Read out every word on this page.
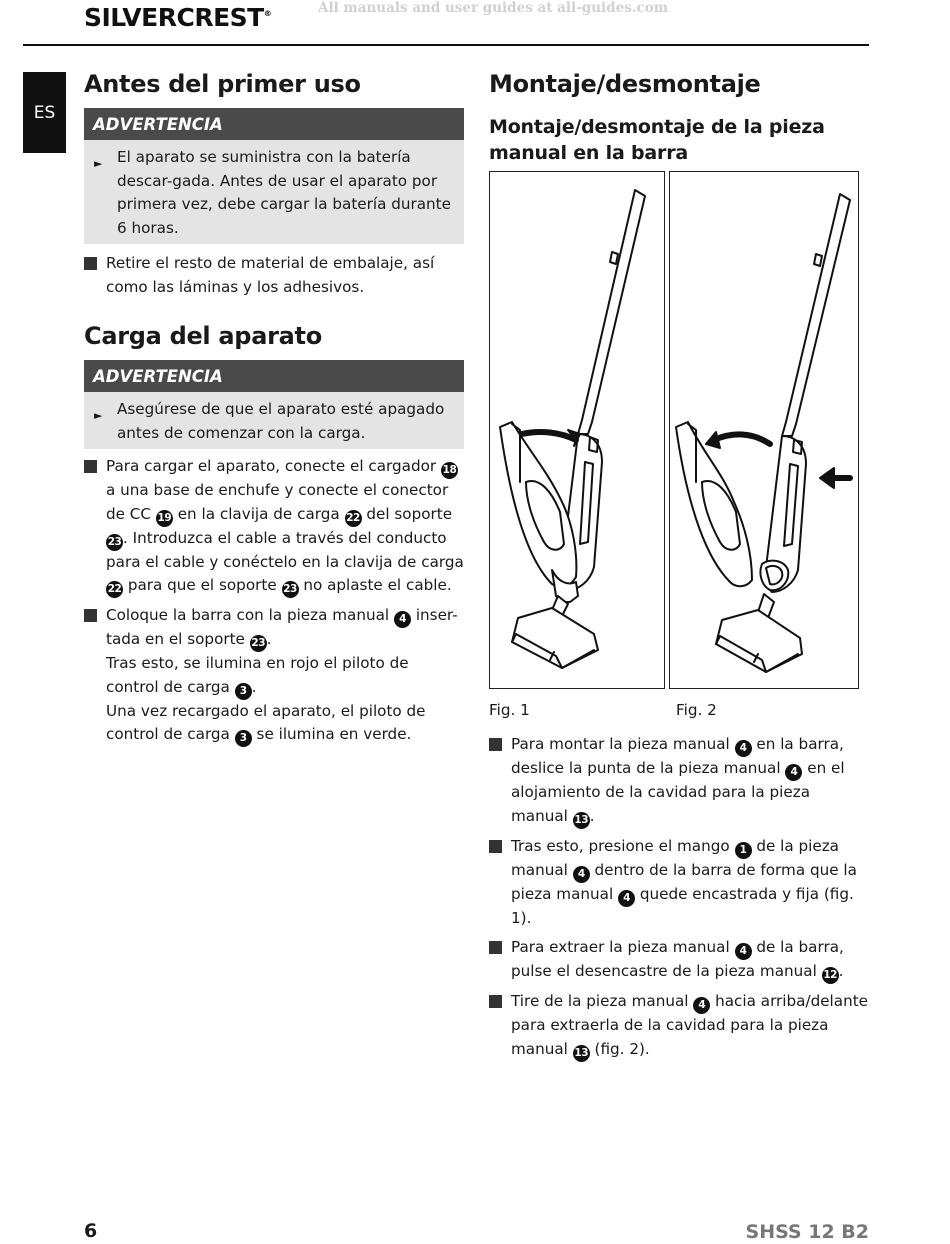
SILVERCREST®	All manuals and user guides at all-guides.com
ES
Antes del primer uso
ADVERTENCIA
► El aparato se suministra con la batería descar-gada. Antes de usar el aparato por primera vez, debe cargar la batería durante 6 horas.

Retire el resto de material de embalaje, así como las láminas y los adhesivos.

Carga del aparato
ADVERTENCIA
► Asegúrese de que el aparato esté apagado antes de comenzar con la carga.

Para cargar el aparato, conecte el cargador 18 a una base de enchufe y conecte el conector de CC 19 en la clavija de carga 22 del soporte 23 . Introduzca el cable a través del conducto para el cable y conéctelo en la clavija de carga 22 para que el soporte 23 no aplaste el cable.

Coloque la barra con la pieza manual 4 inser-tada en el soporte 23 .
Tras esto, se ilumina en rojo el piloto de control de carga 3 .
Una vez recargado el aparato, el piloto de control de carga 3 se ilumina en verde.

Montaje/desmontaje
Montaje/desmontaje de la pieza manual en la barra
Fig. 1	Fig. 2

Para montar la pieza manual 4 en la barra, deslice la punta de la pieza manual 4 en el alojamiento de la cavidad para la pieza manual 13 .

Tras esto, presione el mango 1 de la pieza manual 4 dentro de la barra de forma que la pieza manual 4 quede encastrada y fija (fig. 1).

Para extraer la pieza manual 4 de la barra, pulse el desencastre de la pieza manual 12 .

Tire de la pieza manual 4 hacia arriba/delante para extraerla de la cavidad para la pieza manual 13 (fig. 2).

6	SHSS 12 B2
